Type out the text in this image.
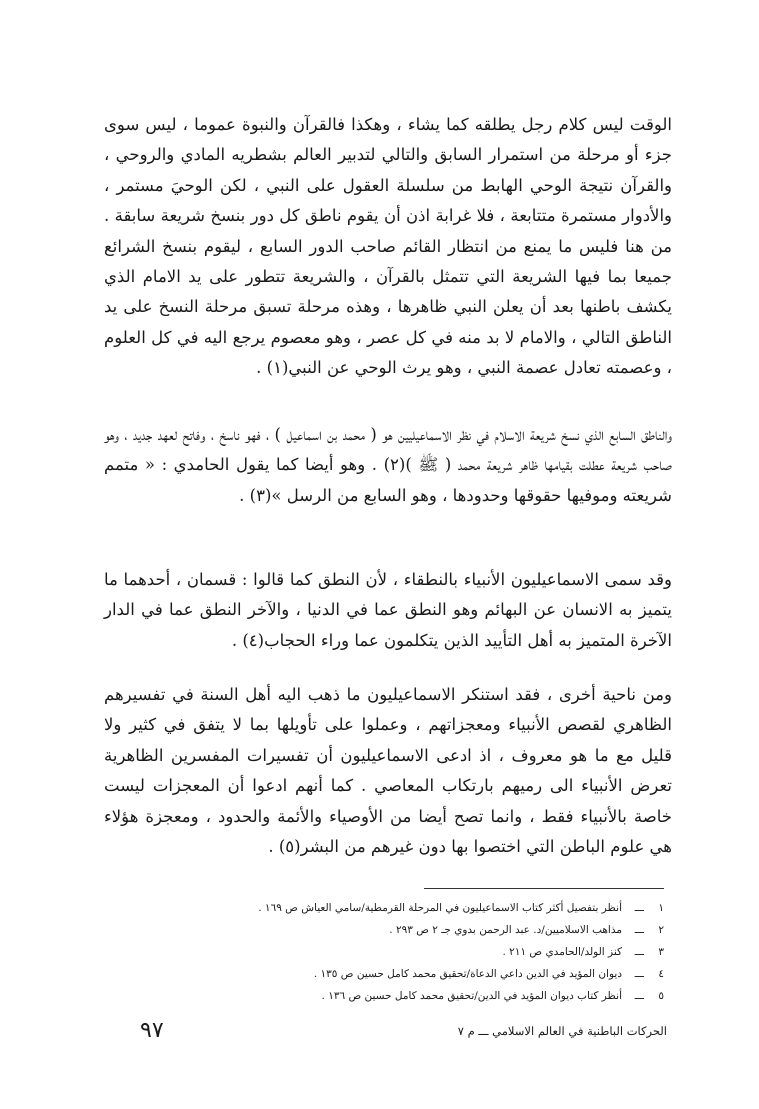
الوقت ليس كلام رجل يطلقه كما يشاء ، وهكذا فالقرآن والنبوة عموما ، ليس سوى جزء أو مرحلة من استمرار السابق والتالي لتدبير العالم بشطريه المادي والروحي ، والقرآن نتيجة الوحي الهابط من سلسلة العقول على النبي ، لكن الوحيَ مستمر ، والأدوار مستمرة متتابعة ، فلا غرابة اذن أن يقوم ناطق كل دور بنسخ شريعة سابقة . من هنا فليس ما يمنع من انتظار القائم صاحب الدور السابع ، ليقوم بنسخ الشرائع جميعا بما فيها الشريعة التي تتمثل بالقرآن ، والشريعة تتطور على يد الامام الذي يكشف باطنها بعد أن يعلن النبي ظاهرها ، وهذه مرحلة تسبق مرحلة النسخ على يد الناطق التالي ، والامام لا بد منه في كل عصر ، وهو معصوم يرجع اليه في كل العلوم ، وعصمته تعادل عصمة النبي ، وهو يرث الوحي عن النبي(١) .

والناطق السابع الذي نسخ شريعة الاسلام في نظر الاسماعيليين هو ( محمد بن اسماعيل ) ، فهو ناسخ ، وفاتح لعهد جديد ، وهو صاحب شريعة عطلت بقيامها ظاهر شريعة محمد ( ﷺ )(٢) . وهو أيضا كما يقول الحامدي : « متمم شريعته وموفيها حقوقها وحدودها ، وهو السابع من الرسل »(٣) .

وقد سمى الاسماعيليون الأنبياء بالنطقاء ، لأن النطق كما قالوا : قسمان ، أحدهما ما يتميز به الانسان عن البهائم وهو النطق عما في الدنيا ، والآخر النطق عما في الدار الآخرة المتميز به أهل التأييد الذين يتكلمون عما وراء الحجاب(٤) .

ومن ناحية أخرى ، فقد استنكر الاسماعيليون ما ذهب اليه أهل السنة في تفسيرهم الظاهري لقصص الأنبياء ومعجزاتهم ، وعملوا على تأويلها بما لا يتفق في كثير ولا قليل مع ما هو معروف ، اذ ادعى الاسماعيليون أن تفسيرات المفسرين الظاهرية تعرض الأنبياء الى رميهم بارتكاب المعاصي . كما أنهم ادعوا أن المعجزات ليست خاصة بالأنبياء فقط ، وانما تصح أيضا من الأوصياء والأئمة والحدود ، ومعجزة هؤلاء هي علوم الباطن التي اختصوا بها دون غيرهم من البشر(٥) .

١ـــأنظر بتفصيل أكثر كتاب الاسماعيليون في المرحلة القرمطية/سامي العياش ص ١٦٩ .
٢ـــمذاهب الاسلاميين/د. عبد الرحمن بدوي جـ ٢ ص ٢٩٣ .
٣ـــكنز الولد/الحامدي ص ٢١١ .
٤ـــديوان المؤيد في الدين داعي الدعاة/تحقيق محمد كامل حسين ص ١٣٥ .
٥ـــأنظر كتاب ديوان المؤيد في الدين/تحقيق محمد كامل حسين ص ١٣٦ .
٩٧	الحركات الباطنية في العالم الاسلامي ـــ م ٧
